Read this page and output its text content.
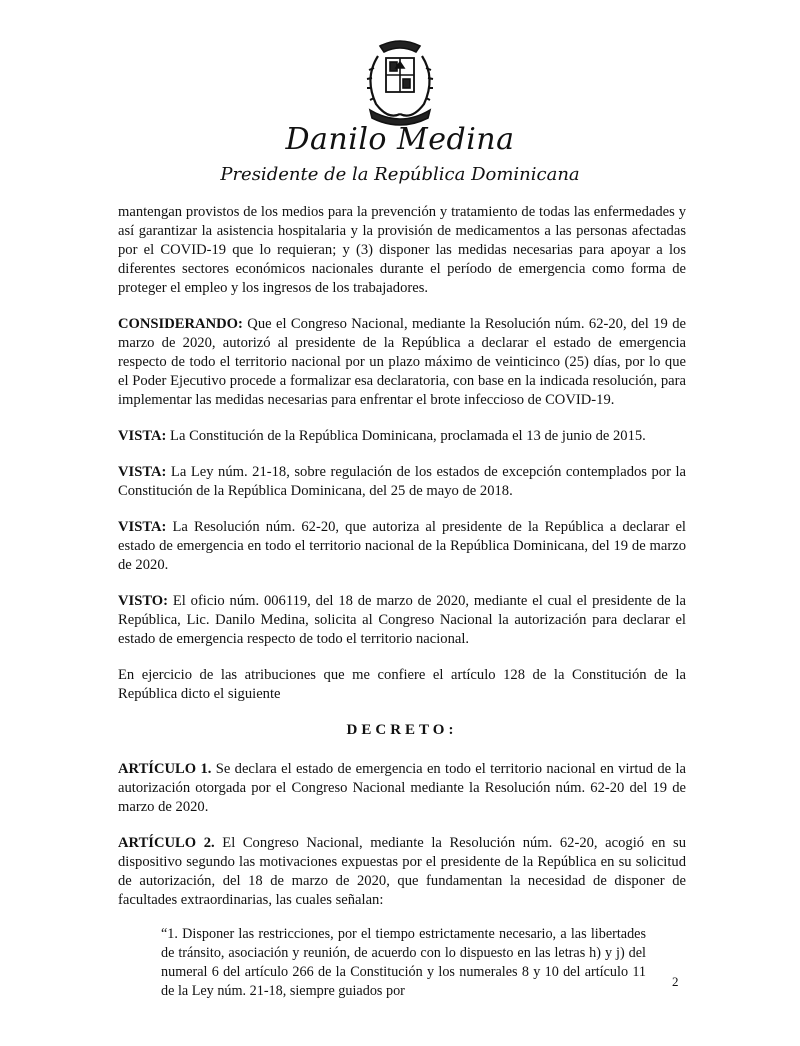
Danilo Medina
Presidente de la República Dominicana

mantengan provistos de los medios para la prevención y tratamiento de todas las enfermedades y así garantizar la asistencia hospitalaria y la provisión de medicamentos a las personas afectadas por el COVID-19 que lo requieran; y (3) disponer las medidas necesarias para apoyar a los diferentes sectores económicos nacionales durante el período de emergencia como forma de proteger el empleo y los ingresos de los trabajadores.

CONSIDERANDO: Que el Congreso Nacional, mediante la Resolución núm. 62-20, del 19 de marzo de 2020, autorizó al presidente de la República a declarar el estado de emergencia respecto de todo el territorio nacional por un plazo máximo de veinticinco (25) días, por lo que el Poder Ejecutivo procede a formalizar esa declaratoria, con base en la indicada resolución, para implementar las medidas necesarias para enfrentar el brote infeccioso de COVID-19.

VISTA: La Constitución de la República Dominicana, proclamada el 13 de junio de 2015.

VISTA: La Ley núm. 21-18, sobre regulación de los estados de excepción contemplados por la Constitución de la República Dominicana, del 25 de mayo de 2018.

VISTA: La Resolución núm. 62-20, que autoriza al presidente de la República a declarar el estado de emergencia en todo el territorio nacional de la República Dominicana, del 19 de marzo de 2020.

VISTO: El oficio núm. 006119, del 18 de marzo de 2020, mediante el cual el presidente de la República, Lic. Danilo Medina, solicita al Congreso Nacional la autorización para declarar el estado de emergencia respecto de todo el territorio nacional.

En ejercicio de las atribuciones que me confiere el artículo 128 de la Constitución de la República dicto el siguiente

DECRETO:

ARTÍCULO 1. Se declara el estado de emergencia en todo el territorio nacional en virtud de la autorización otorgada por el Congreso Nacional mediante la Resolución núm. 62-20 del 19 de marzo de 2020.

ARTÍCULO 2. El Congreso Nacional, mediante la Resolución núm. 62-20, acogió en su dispositivo segundo las motivaciones expuestas por el presidente de la República en su solicitud de autorización, del 18 de marzo de 2020, que fundamentan la necesidad de disponer de facultades extraordinarias, las cuales señalan:

“1. Disponer las restricciones, por el tiempo estrictamente necesario, a las libertades de tránsito, asociación y reunión, de acuerdo con lo dispuesto en las letras h) y j) del numeral 6 del artículo 266 de la Constitución y los numerales 8 y 10 del artículo 11 de la Ley núm. 21-18, siempre guiados por

2
